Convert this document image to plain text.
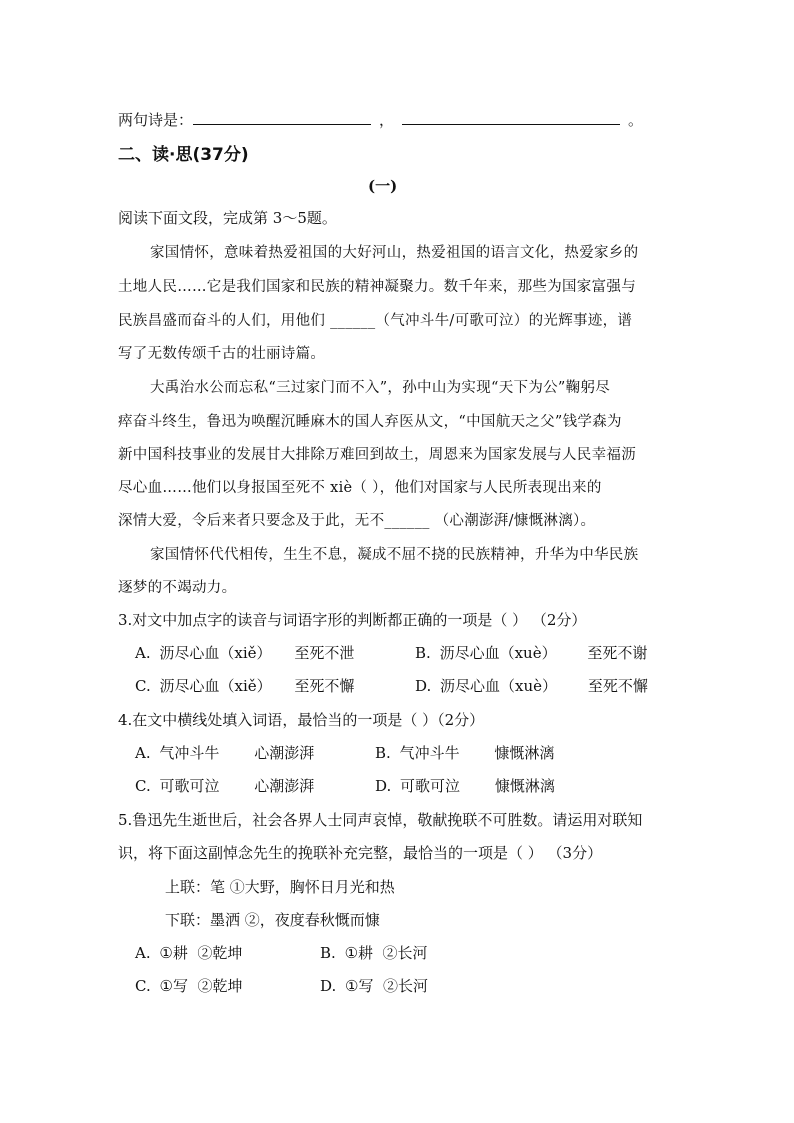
两句诗是：	，	。
二、读·思(37分)
(一)
阅读下面文段，完成第 3～5题。
家国情怀，意味着热爱祖国的大好河山，热爱祖国的语言文化，热爱家乡的
土地人民……它是我们国家和民族的精神凝聚力。数千年来，那些为国家富强与
民族昌盛而奋斗的人们，用他们 ______（气冲斗牛/可歌可泣）的光辉事迹，谱
写了无数传颂千古的壮丽诗篇。
大禹治水公而忘私“三过家门而不入”，孙中山为实现“天下为公”鞠躬尽
瘁奋斗终生，鲁迅为唤醒沉睡麻木的国人弃医从文，“中国航天之父”钱学森为
新中国科技事业的发展甘大排除万难回到故土，周恩来为国家发展与人民幸福沥
尽心血……他们以身报国至死不 xiè（ ），他们对国家与人民所表现出来的
深情大爱，令后来者只要念及于此，无不______ （心潮澎湃/慷慨淋漓）。
家国情怀代代相传，生生不息，凝成不屈不挠的民族精神，升华为中华民族
逐梦的不竭动力。
3.对文中加点字的读音与词语字形的判断都正确的一项是（ ） （2分）
A. 沥尽心血（xiě） 至死不泄	B. 沥尽心血（xuè） 至死不谢
C. 沥尽心血（xiě） 至死不懈	D. 沥尽心血（xuè） 至死不懈
4.在文中横线处填入词语，最恰当的一项是（ ）（2分）
A. 气冲斗牛 心潮澎湃	B. 气冲斗牛 慷慨淋漓
C. 可歌可泣 心潮澎湃	D. 可歌可泣 慷慨淋漓
5.鲁迅先生逝世后，社会各界人士同声哀悼，敬献挽联不可胜数。请运用对联知
识，将下面这副悼念先生的挽联补充完整，最恰当的一项是（ ） （3分）
上联：笔 ①大野，胸怀日月光和热
下联：墨洒 ②，夜度春秋慨而慷
A. ①耕  ②乾坤	B. ①耕  ②长河
C. ①写  ②乾坤	D. ①写  ②长河
